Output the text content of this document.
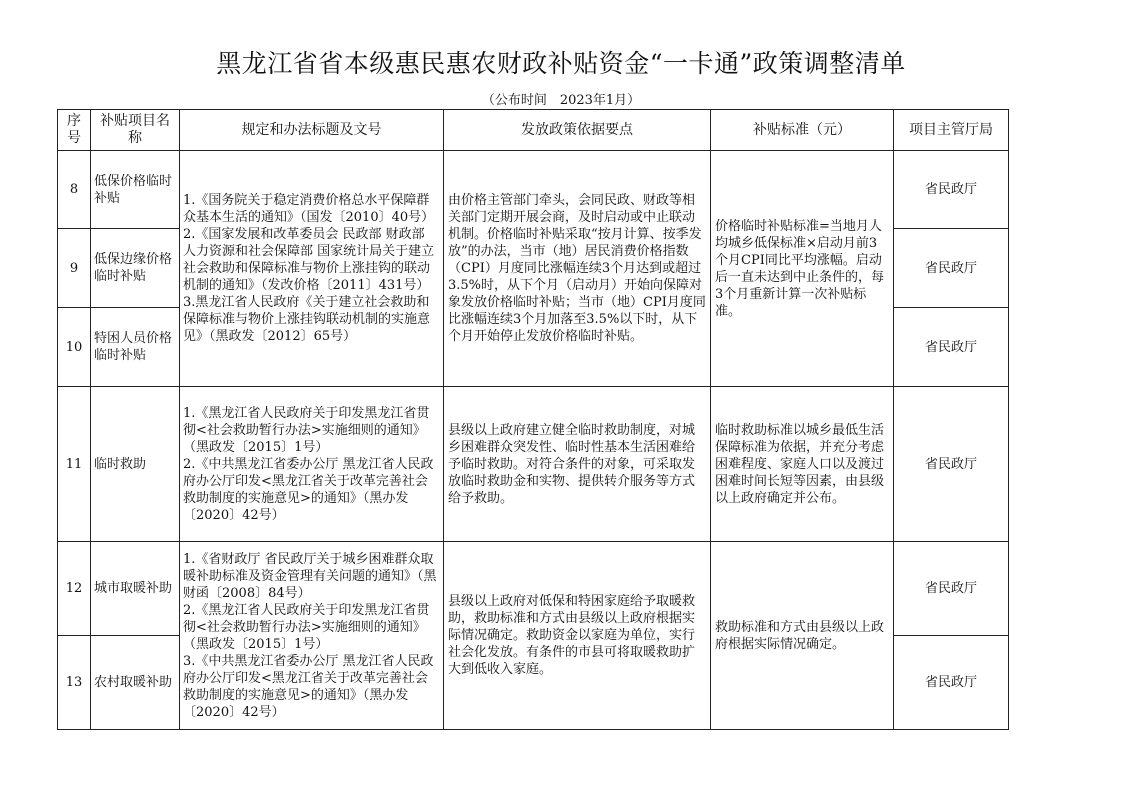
黑龙江省省本级惠民惠农财政补贴资金“一卡通”政策调整清单
（公布时间　2023年1月）
序号	补贴项目名称	规定和办法标题及文号	发放政策依据要点	补贴标准（元）	项目主管厅局
8	低保价格临时补贴	1.《国务院关于稳定消费价格总水平保障群众基本生活的通知》（国发〔2010〕40号）
2.《国家发展和改革委员会 民政部 财政部 人力资源和社会保障部 国家统计局关于建立社会救助和保障标准与物价上涨挂钩的联动机制的通知》（发改价格〔2011〕431号）
3.黑龙江省人民政府《关于建立社会救助和保障标准与物价上涨挂钩联动机制的实施意见》（黑政发〔2012〕65号）	由价格主管部门牵头，会同民政、财政等相关部门定期开展会商，及时启动或中止联动机制。价格临时补贴采取“按月计算、按季发放”的办法，当市（地）居民消费价格指数（CPI）月度同比涨幅连续3个月达到或超过3.5%时，从下个月（启动月）开始向保障对象发放价格临时补贴；当市（地）CPI月度同比涨幅连续3个月加落至3.5%以下时，从下个月开始停止发放价格临时补贴。	价格临时补贴标准=当地月人均城乡低保标准×启动月前3个月CPI同比平均涨幅。启动后一直未达到中止条件的，每3个月重新计算一次补贴标准。	省民政厅
9	低保边缘价格临时补贴				省民政厅
10	特困人员价格临时补贴				省民政厅
11	临时救助	1.《黑龙江省人民政府关于印发黑龙江省贯彻<社会救助暂行办法>实施细则的通知》（黑政发〔2015〕1号）
2.《中共黑龙江省委办公厅 黑龙江省人民政府办公厅印发<黑龙江省关于改革完善社会救助制度的实施意见>的通知》（黑办发〔2020〕42号）	县级以上政府建立健全临时救助制度，对城乡困难群众突发性、临时性基本生活困难给予临时救助。对符合条件的对象，可采取发放临时救助金和实物、提供转介服务等方式给予救助。	临时救助标准以城乡最低生活保障标准为依据，并充分考虑困难程度、家庭人口以及渡过困难时间长短等因素，由县级以上政府确定并公布。	省民政厅
12	城市取暖补助	1.《省财政厅 省民政厅关于城乡困难群众取暖补助标准及资金管理有关问题的通知》（黑财函〔2008〕84号）
2.《黑龙江省人民政府关于印发黑龙江省贯彻<社会救助暂行办法>实施细则的通知》（黑政发〔2015〕1号）
3.《中共黑龙江省委办公厅 黑龙江省人民政府办公厅印发<黑龙江省关于改革完善社会救助制度的实施意见>的通知》（黑办发〔2020〕42号）	县级以上政府对低保和特困家庭给予取暖救助，救助标准和方式由县级以上政府根据实际情况确定。救助资金以家庭为单位，实行社会化发放。有条件的市县可将取暖救助扩大到低收入家庭。	救助标准和方式由县级以上政府根据实际情况确定。	省民政厅
13	农村取暖补助				省民政厅
